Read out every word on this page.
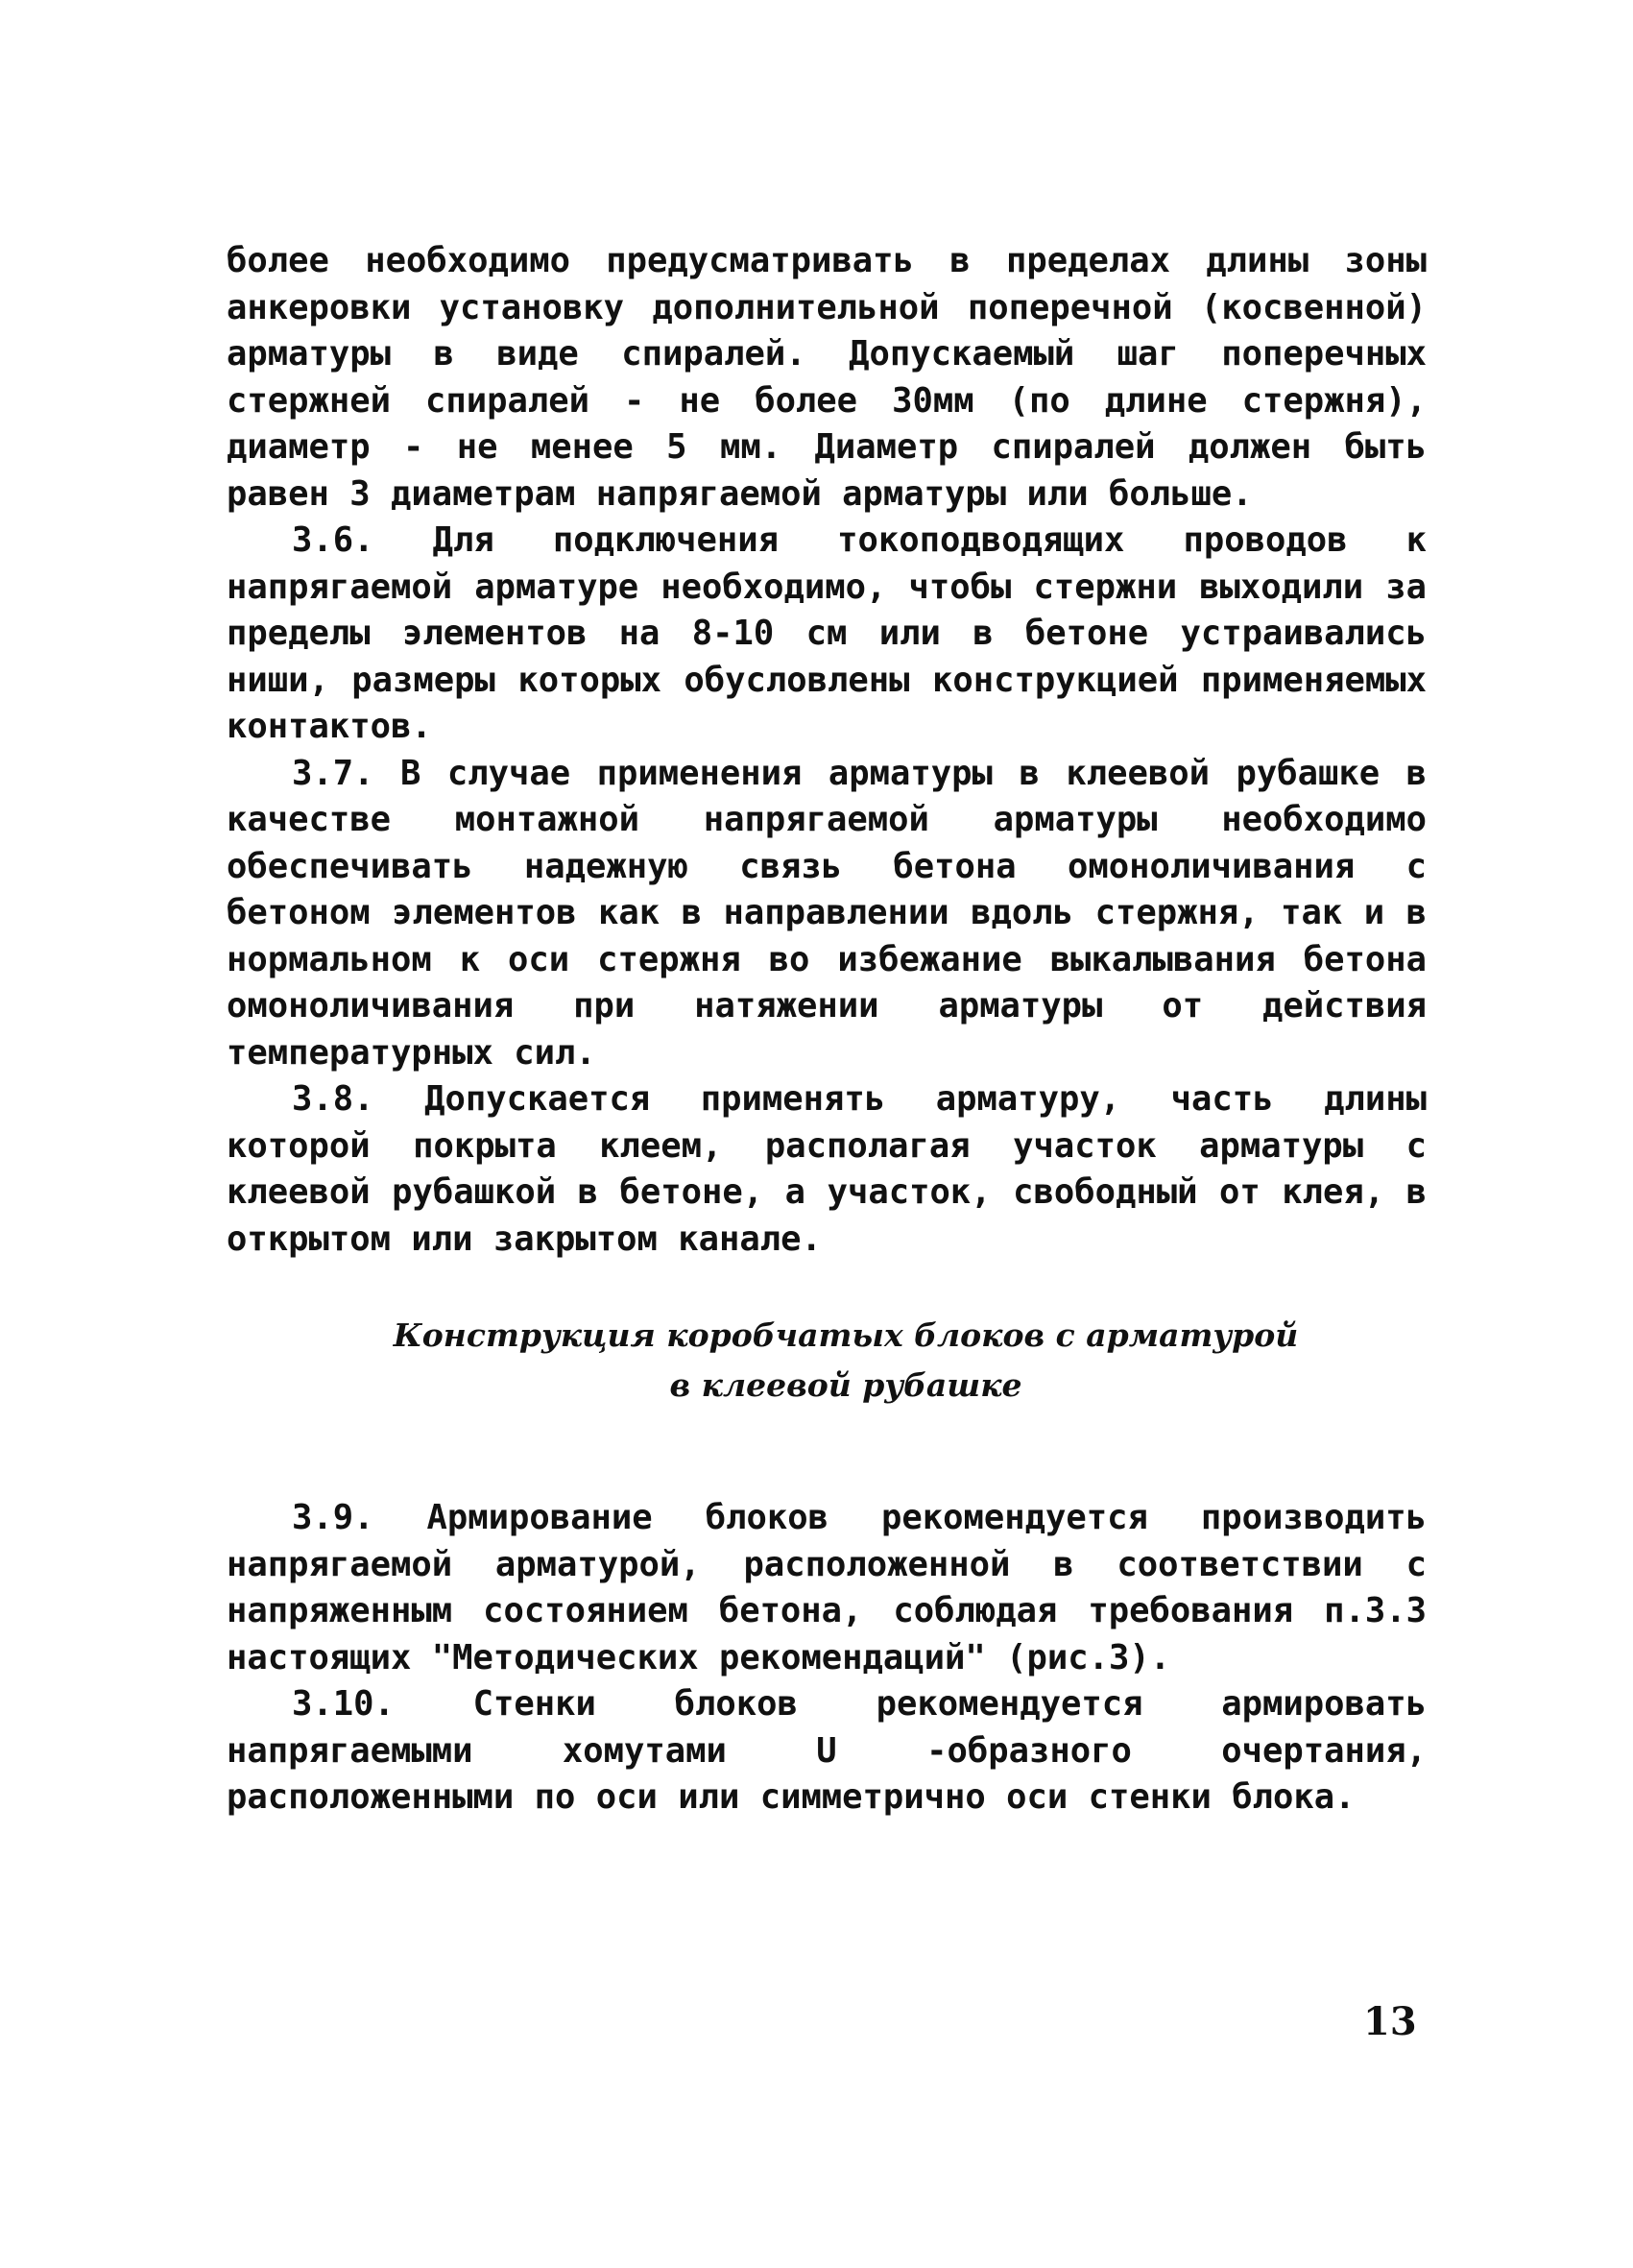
более необходимо предусматривать в пределах длины зоны анкеровки установку дополнительной поперечной (косвенной) арматуры в виде спиралей. Допускаемый шаг поперечных стержней спиралей - не более 30мм (по длине стержня), диаметр - не менее 5 мм. Диаметр спиралей должен быть равен 3 диаметрам напрягаемой арматуры или больше.

3.6. Для подключения токоподводящих проводов к напрягаемой арматуре необходимо, чтобы стержни выходили за пределы элементов на 8-10 см или в бетоне устраивались ниши, размеры которых обусловлены конструкцией применяемых контактов.

3.7. В случае применения арматуры в клеевой рубашке в качестве монтажной напрягаемой арматуры необходимо обеспечивать надежную связь бетона омоноличивания с бетоном элементов как в направлении вдоль стержня, так и в нормальном к оси стержня во избежание выкалывания бетона омоноличивания при натяжении арматуры от действия температурных сил.

3.8. Допускается применять арматуру, часть длины которой покрыта клеем, располагая участок арматуры с клеевой рубашкой в бетоне, а участок, свободный от клея, в открытом или закрытом канале.

Конструкция коробчатых блоков с арматурой
в клеевой рубашке

3.9. Армирование блоков рекомендуется производить напрягаемой арматурой, расположенной в соответствии с напряженным состоянием бетона, соблюдая требования п.3.3 настоящих "Методических рекомендаций" (рис.3).

3.10. Стенки блоков рекомендуется армировать напрягаемыми хомутами U -образного очертания, расположенными по оси или симметрично оси стенки блока.

13
